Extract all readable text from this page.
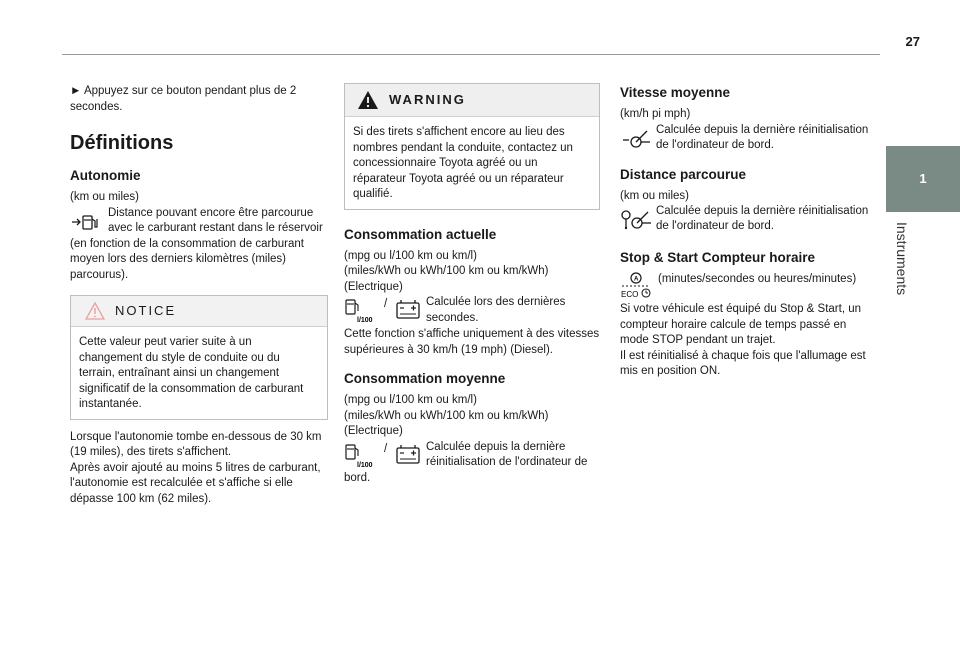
27
1
Instruments

► Appuyez sur ce bouton pendant plus de 2 secondes.

Définitions
Autonomie

(km ou miles)

Distance pouvant encore être parcourue

avec le carburant restant dans le réservoir

(en fonction de la consommation de carburant moyen lors des derniers kilomètres (miles) parcourus).

NOTICE

Cette valeur peut varier suite à un changement du style de conduite ou du terrain, entraînant ainsi un changement significatif de la consommation de carburant instantanée.

Lorsque l'autonomie tombe en-dessous de 30 km (19 miles), des tirets s'affichent.

Après avoir ajouté au moins 5 litres de carburant, l'autonomie est recalculée et s'affiche si elle dépasse 100 km (62 miles).

WARNING

Si des tirets s'affichent encore au lieu des nombres pendant la conduite, contactez un concessionnaire Toyota agréé ou un réparateur Toyota agréé ou un réparateur qualifié.

Consommation actuelle

(mpg ou l/100 km ou km/l)

(miles/kWh ou kWh/100 km ou km/kWh)

(Electrique)

l/100
/	Calculée lors des dernières secondes.

Cette fonction s'affiche uniquement à des vitesses supérieures à 30 km/h (19 mph) (Diesel).

Consommation moyenne

(mpg ou l/100 km ou km/l)

(miles/kWh ou kWh/100 km ou km/kWh)

(Electrique)

l/100
/	Calculée depuis la dernière

réinitialisation de l'ordinateur de

bord.

Vitesse moyenne

(km/h pi mph)

Calculée depuis la dernière réinitialisation

de l'ordinateur de bord.

Distance parcourue

(km ou miles)

Calculée depuis la dernière réinitialisation

de l'ordinateur de bord.

Stop & Start Compteur horaire
A
ECO

(minutes/secondes ou heures/minutes)

Si votre véhicule est équipé du Stop & Start, un compteur horaire calcule de temps passé en mode STOP pendant un trajet.

Il est réinitialisé à chaque fois que l'allumage est mis en position ON.
